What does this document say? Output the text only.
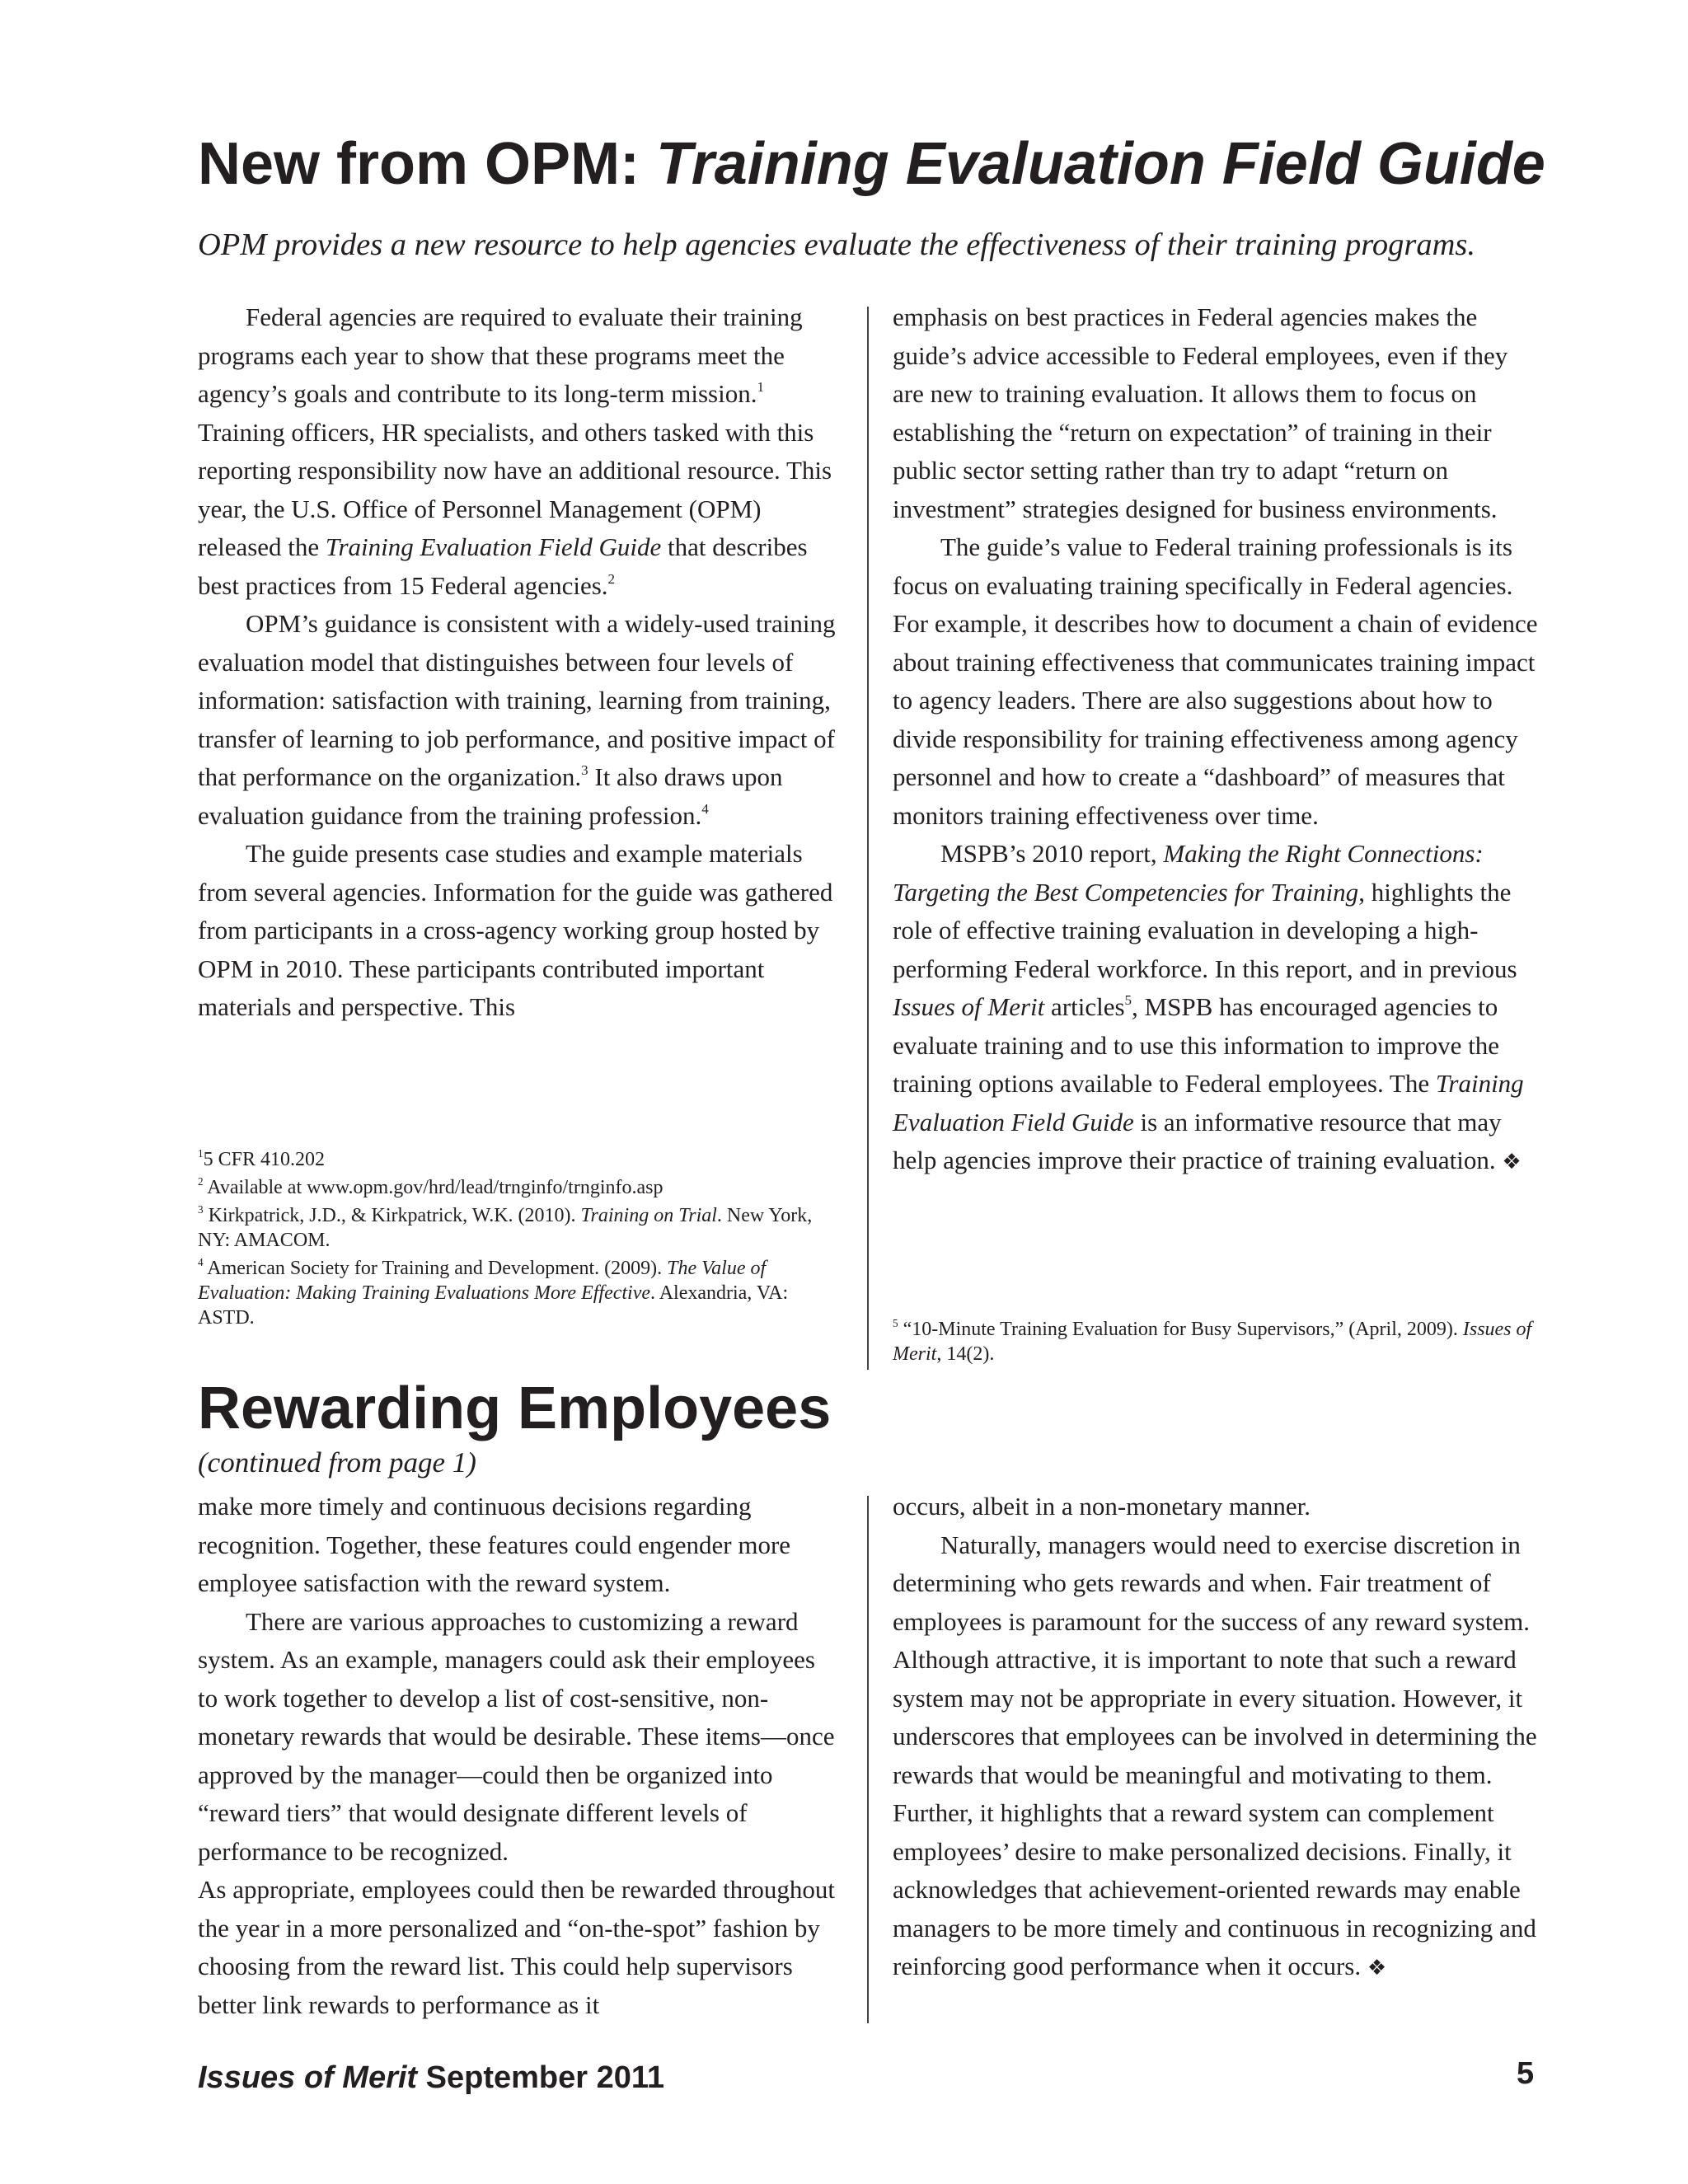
New from OPM: Training Evaluation Field Guide
OPM provides a new resource to help agencies evaluate the effectiveness of their training programs.

Federal agencies are required to evaluate their training programs each year to show that these programs meet the agency’s goals and contribute to its long-term mission.$^1$ Training officers, HR specialists, and others tasked with this reporting responsibility now have an additional resource. This year, the U.S. Office of Personnel Management (OPM) released the Training Evaluation Field Guide that describes best practices from 15 Federal agencies.$^2$

OPM’s guidance is consistent with a widely-used training evaluation model that distinguishes between four levels of information: satisfaction with training, learning from training, transfer of learning to job performance, and positive impact of that performance on the organization.$^3$ It also draws upon evaluation guidance from the training profession.$^4$

The guide presents case studies and example materials from several agencies. Information for the guide was gathered from participants in a cross-agency working group hosted by OPM in 2010. These participants contributed important materials and perspective. This

$^1$5 CFR 410.202

$^2$ Available at www.opm.gov/hrd/lead/trnginfo/trnginfo.asp

$^3$ Kirkpatrick, J.D., & Kirkpatrick, W.K. (2010). Training on Trial. New York, NY: AMACOM.

$^4$ American Society for Training and Development. (2009). The Value of Evaluation: Making Training Evaluations More Effective. Alexandria, VA: ASTD.

emphasis on best practices in Federal agencies makes the guide’s advice accessible to Federal employees, even if they are new to training evaluation. It allows them to focus on establishing the “return on expectation” of training in their public sector setting rather than try to adapt “return on investment” strategies designed for business environments.

The guide’s value to Federal training professionals is its focus on evaluating training specifically in Federal agencies. For example, it describes how to document a chain of evidence about training effectiveness that communicates training impact to agency leaders. There are also suggestions about how to divide responsibility for training effectiveness among agency personnel and how to create a “dashboard” of measures that monitors training effectiveness over time.

MSPB’s 2010 report, Making the Right Connections: Targeting the Best Competencies for Training, highlights the role of effective training evaluation in developing a high-performing Federal workforce. In this report, and in previous Issues of Merit articles$^5$, MSPB has encouraged agencies to evaluate training and to use this information to improve the training options available to Federal employees. The Training Evaluation Field Guide is an informative resource that may help agencies improve their practice of training evaluation. ❖

$^5$ “10-Minute Training Evaluation for Busy Supervisors,” (April, 2009). Issues of Merit, 14(2).

Rewarding Employees
(continued from page 1)

make more timely and continuous decisions regarding recognition. Together, these features could engender more employee satisfaction with the reward system.

There are various approaches to customizing a reward system. As an example, managers could ask their employees to work together to develop a list of cost-sensitive, non-monetary rewards that would be desirable. These items—once approved by the manager—could then be organized into “reward tiers” that would designate different levels of performance to be recognized.

As appropriate, employees could then be rewarded throughout the year in a more personalized and “on-the-spot” fashion by choosing from the reward list. This could help supervisors better link rewards to performance as it

occurs, albeit in a non-monetary manner.

Naturally, managers would need to exercise discretion in determining who gets rewards and when. Fair treatment of employees is paramount for the success of any reward system. Although attractive, it is important to note that such a reward system may not be appropriate in every situation. However, it underscores that employees can be involved in determining the rewards that would be meaningful and motivating to them. Further, it highlights that a reward system can complement employees’ desire to make personalized decisions. Finally, it acknowledges that achievement-oriented rewards may enable managers to be more timely and continuous in recognizing and reinforcing good performance when it occurs. ❖

Issues of Merit September 2011	5
